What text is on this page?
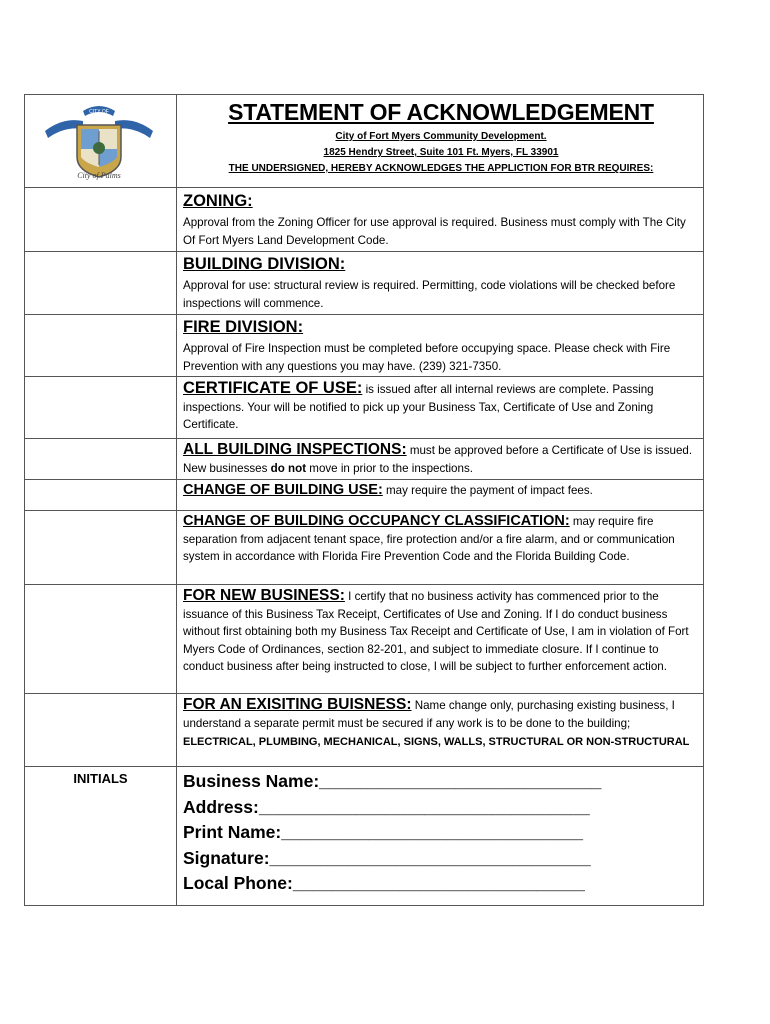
CITY OF
City of Palms
STATEMENT OF ACKNOWLEDGEMENT
City of Fort Myers Community Development.
1825 Hendry Street, Suite 101 Ft. Myers, FL 33901
THE UNDERSIGNED, HEREBY ACKNOWLEDGES THE APPLICTION FOR BTR REQUIRES:
ZONING:
Approval from the Zoning Officer for use approval is required. Business must comply with The City Of Fort Myers Land Development Code.
BUILDING DIVISION:
Approval for use: structural review is required. Permitting, code violations will be checked before inspections will commence.
FIRE DIVISION:
Approval of Fire Inspection must be completed before occupying space. Please check with Fire Prevention with any questions you may have. (239) 321-7350.
CERTIFICATE OF USE: is issued after all internal reviews are complete. Passing inspections. Your will be notified to pick up your Business Tax, Certificate of Use and Zoning Certificate.
ALL BUILDING INSPECTIONS: must be approved before a Certificate of Use is issued. New businesses do not move in prior to the inspections.
CHANGE OF BUILDING USE: may require the payment of impact fees.
CHANGE OF BUILDING OCCUPANCY CLASSIFICATION: may require fire separation from adjacent tenant space, fire protection and/or a fire alarm, and or communication system in accordance with Florida Fire Prevention Code and the Florida Building Code.
FOR NEW BUSINESS: I certify that no business activity has commenced prior to the issuance of this Business Tax Receipt, Certificates of Use and Zoning. If I do conduct business without first obtaining both my Business Tax Receipt and Certificate of Use, I am in violation of Fort Myers Code of Ordinances, section 82-201, and subject to immediate closure. If I continue to conduct business after being instructed to close, I will be subject to further enforcement action.
FOR AN EXISITING BUISNESS: Name change only, purchasing existing business, I understand a separate permit must be secured if any work is to be done to the building; ELECTRICAL, PLUMBING, MECHANICAL, SIGNS, WALLS, STRUCTURAL OR NON-STRUCTURAL
INITIALS	Business Name:_____________________________
Address:__________________________________
Print Name:_______________________________
Signature:_________________________________
Local Phone:______________________________
